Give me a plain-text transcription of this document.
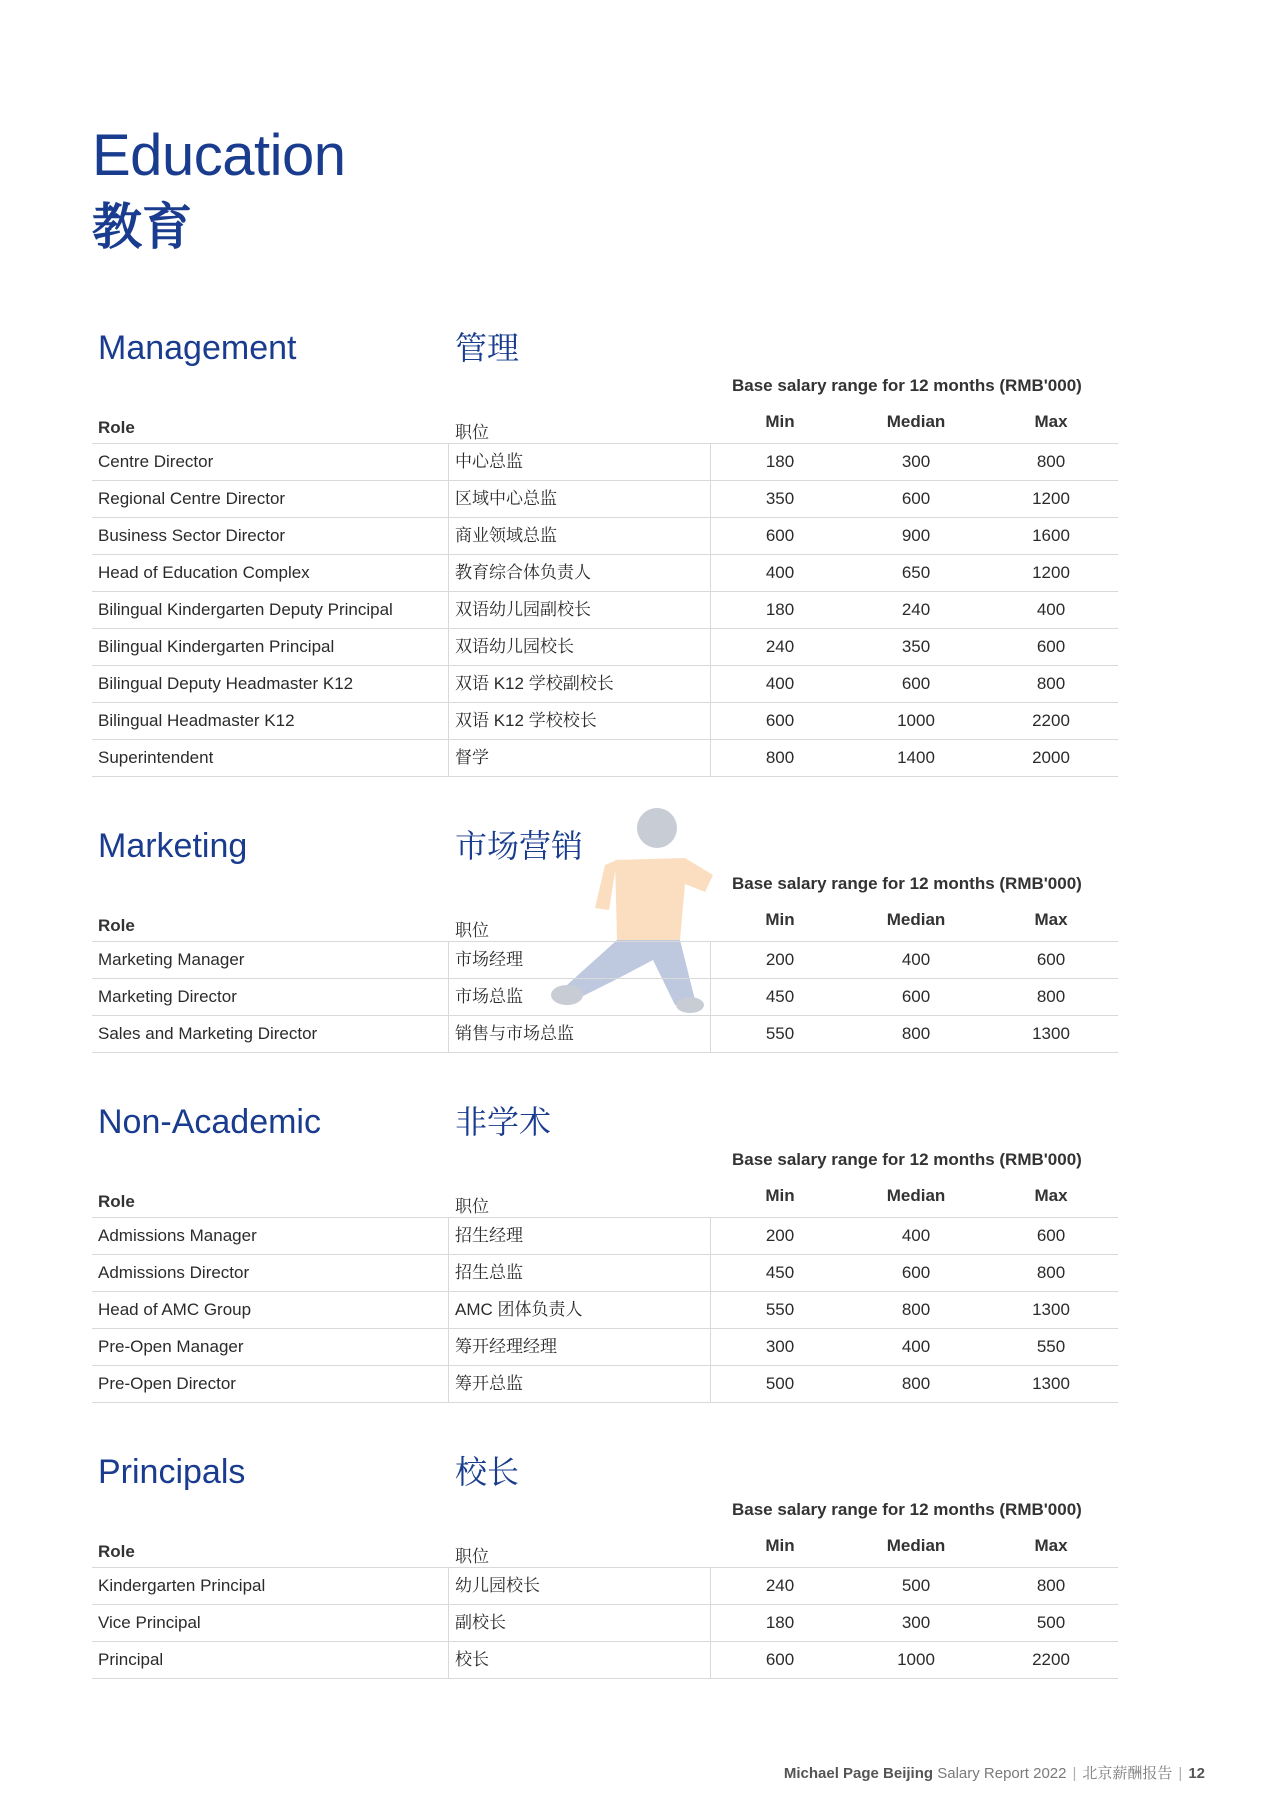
Education
教育
Management	管理
Base salary range for 12 months (RMB'000)
Role	职位
Min	Median	Max
Centre Director	中心总监	180	300	800
Regional Centre Director	区域中心总监	350	600	1200
Business Sector Director	商业领域总监	600	900	1600
Head of Education Complex	教育综合体负责人	400	650	1200
Bilingual Kindergarten Deputy Principal	双语幼儿园副校长	180	240	400
Bilingual Kindergarten Principal	双语幼儿园校长	240	350	600
Bilingual Deputy Headmaster K12	双语 K12 学校副校长	400	600	800
Bilingual Headmaster K12	双语 K12 学校校长	600	1000	2200
Superintendent	督学	800	1400	2000
Marketing	市场营销
Base salary range for 12 months (RMB'000)
Role	职位
Min	Median	Max
Marketing Manager	市场经理	200	400	600
Marketing Director	市场总监	450	600	800
Sales and Marketing Director	销售与市场总监	550	800	1300
Non-Academic	非学术
Base salary range for 12 months (RMB'000)
Role	职位
Min	Median	Max
Admissions Manager	招生经理	200	400	600
Admissions Director	招生总监	450	600	800
Head of AMC Group	AMC 团体负责人	550	800	1300
Pre-Open Manager	筹开经理经理	300	400	550
Pre-Open Director	筹开总监	500	800	1300
Principals	校长
Base salary range for 12 months (RMB'000)
Role	职位
Min	Median	Max
Kindergarten Principal	幼儿园校长	240	500	800
Vice Principal	副校长	180	300	500
Principal	校长	600	1000	2200
Michael Page Beijing Salary Report 2022 | 北京薪酬报告 | 12
